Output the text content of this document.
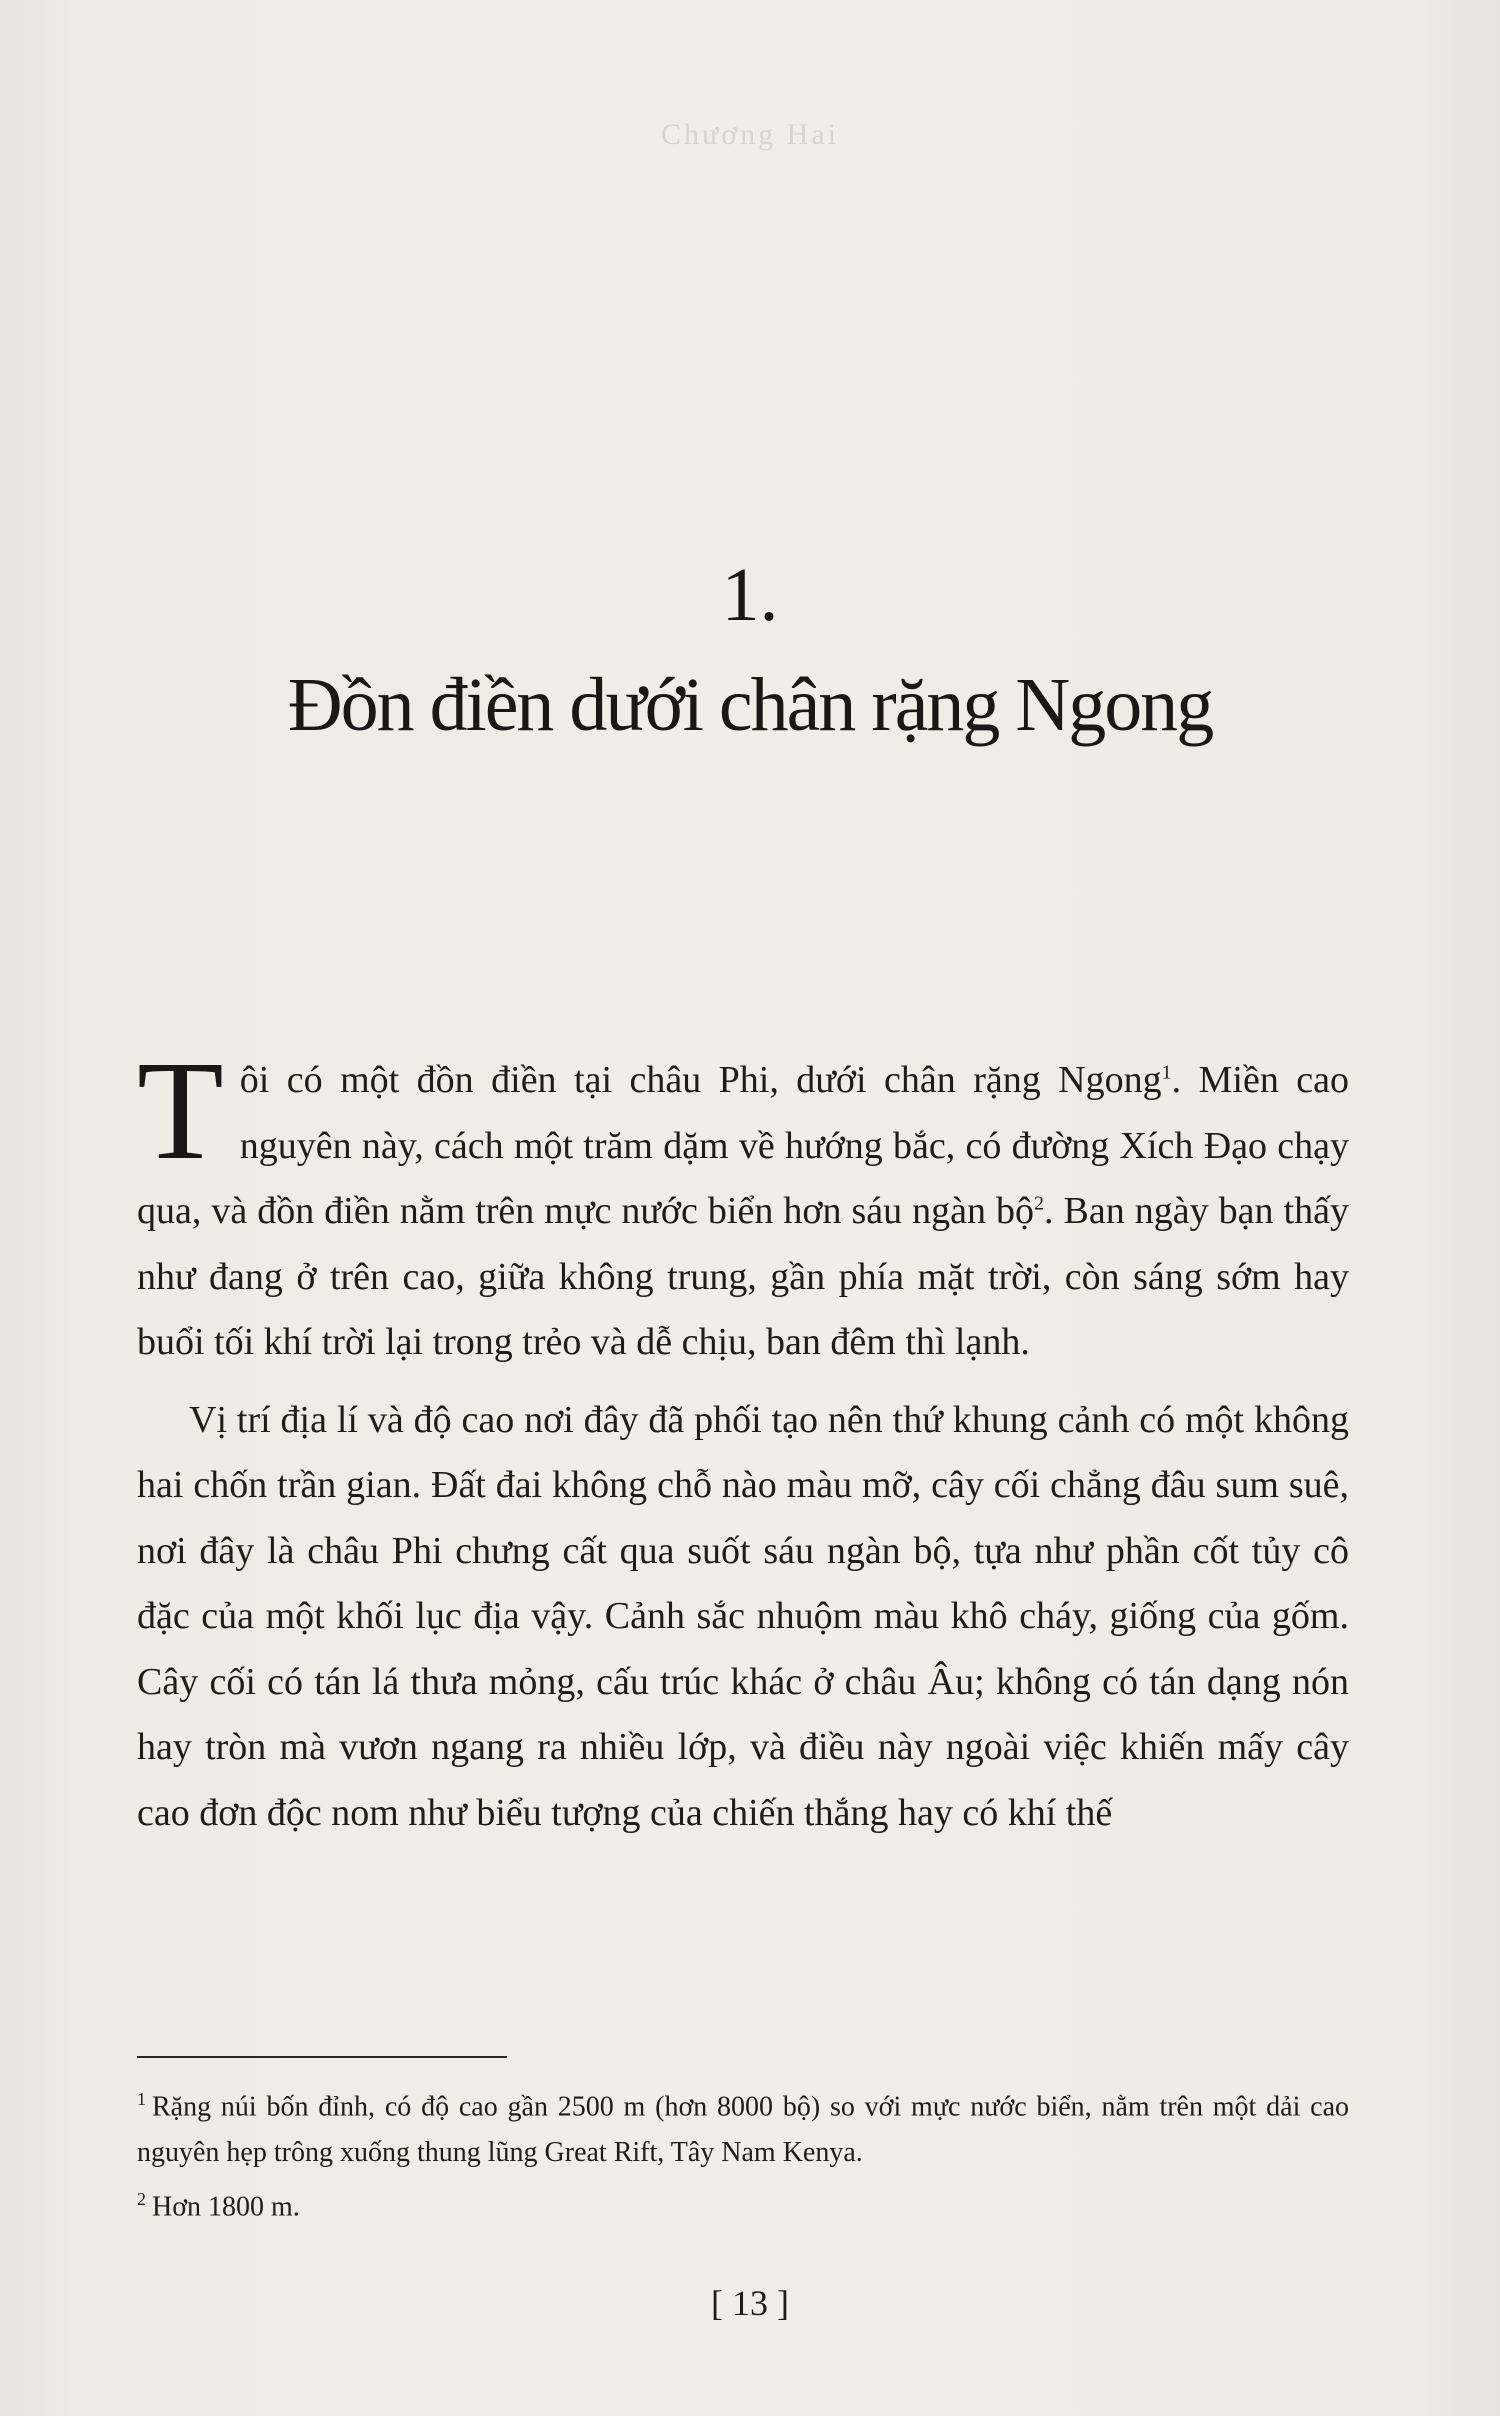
Chương Hai
1.
Đồn điền dưới chân rặng Ngong

Tôi có một đồn điền tại châu Phi, dưới chân rặng Ngong$^1$. Miền cao nguyên này, cách một trăm dặm về hướng bắc, có đường Xích Đạo chạy qua, và đồn điền nằm trên mực nước biển hơn sáu ngàn bộ$^2$. Ban ngày bạn thấy như đang ở trên cao, giữa không trung, gần phía mặt trời, còn sáng sớm hay buổi tối khí trời lại trong trẻo và dễ chịu, ban đêm thì lạnh.

Vị trí địa lí và độ cao nơi đây đã phối tạo nên thứ khung cảnh có một không hai chốn trần gian. Đất đai không chỗ nào màu mỡ, cây cối chẳng đâu sum suê, nơi đây là châu Phi chưng cất qua suốt sáu ngàn bộ, tựa như phần cốt tủy cô đặc của một khối lục địa vậy. Cảnh sắc nhuộm màu khô cháy, giống của gốm. Cây cối có tán lá thưa mỏng, cấu trúc khác ở châu Âu; không có tán dạng nón hay tròn mà vươn ngang ra nhiều lớp, và điều này ngoài việc khiến mấy cây cao đơn độc nom như biểu tượng của chiến thắng hay có khí thế

$^1$ Rặng núi bốn đỉnh, có độ cao gần 2500 m (hơn 8000 bộ) so với mực nước biển, nằm trên một dải cao nguyên hẹp trông xuống thung lũng Great Rift, Tây Nam Kenya.

$^2$ Hơn 1800 m.

[ 13 ]
